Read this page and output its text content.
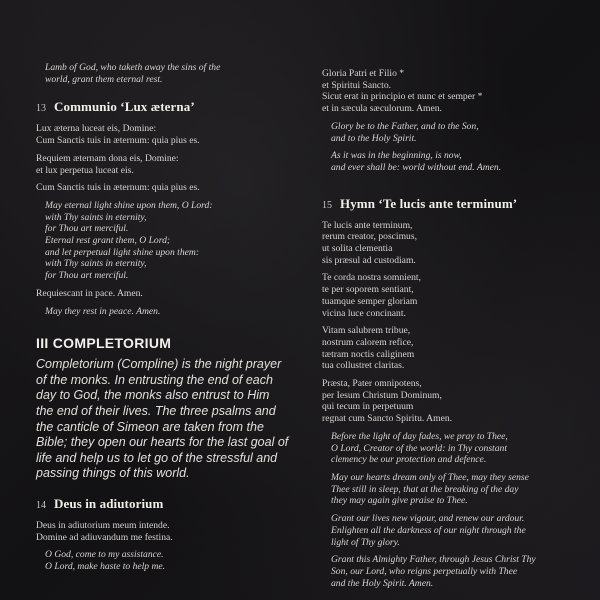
Lamb of God, who taketh away the sins of the
world, grant them eternal rest.
13 Communio ‘Lux æterna’
Lux æterna luceat eis, Domine:
Cum Sanctis tuis in æternum: quia pius es.
Requiem æternam dona eis, Domine:
et lux perpetua luceat eis.
Cum Sanctis tuis in æternum: quia pius es.
May eternal light shine upon them, O Lord:
with Thy saints in eternity,
for Thou art merciful.
Eternal rest grant them, O Lord;
and let perpetual light shine upon them:
with Thy saints in eternity,
for Thou art merciful.
Requiescant in pace. Amen.
May they rest in peace. Amen.
III COMPLETORIUM
Completorium (Compline) is the night prayer
of the monks. In entrusting the end of each
day to God, the monks also entrust to Him
the end of their lives. The three psalms and
the canticle of Simeon are taken from the
Bible; they open our hearts for the last goal of
life and help us to let go of the stressful and
passing things of this world.
14 Deus in adiutorium
Deus in adiutorium meum intende.
Domine ad adiuvandum me festina.
O God, come to my assistance.
O Lord, make haste to help me.
Gloria Patri et Filio *
et Spiritui Sancto.
Sicut erat in principio et nunc et semper *
et in sæcula sæculorum. Amen.
Glory be to the Father, and to the Son,
and to the Holy Spirit.
As it was in the beginning, is now,
and ever shall be: world without end. Amen.
15 Hymn ‘Te lucis ante terminum’
Te lucis ante terminum,
rerum creator, poscimus,
ut solita clementia
sis præsul ad custodiam.
Te corda nostra somnient,
te per soporem sentiant,
tuamque semper gloriam
vicina luce concinant.
Vitam salubrem tribue,
nostrum calorem refice,
tætram noctis caliginem
tua collustret claritas.
Præsta, Pater omnipotens,
per Iesum Christum Dominum,
qui tecum in perpetuum
regnat cum Sancto Spiritu. Amen.
Before the light of day fades, we pray to Thee,
O Lord, Creator of the world: in Thy constant
clemency be our protection and defence.
May our hearts dream only of Thee, may they sense
Thee still in sleep, that at the breaking of the day
they may again give praise to Thee.
Grant our lives new vigour, and renew our ardour.
Enlighten all the darkness of our night through the
light of Thy glory.
Grant this Almighty Father, through Jesus Christ Thy
Son, our Lord, who reigns perpetually with Thee
and the Holy Spirit. Amen.
